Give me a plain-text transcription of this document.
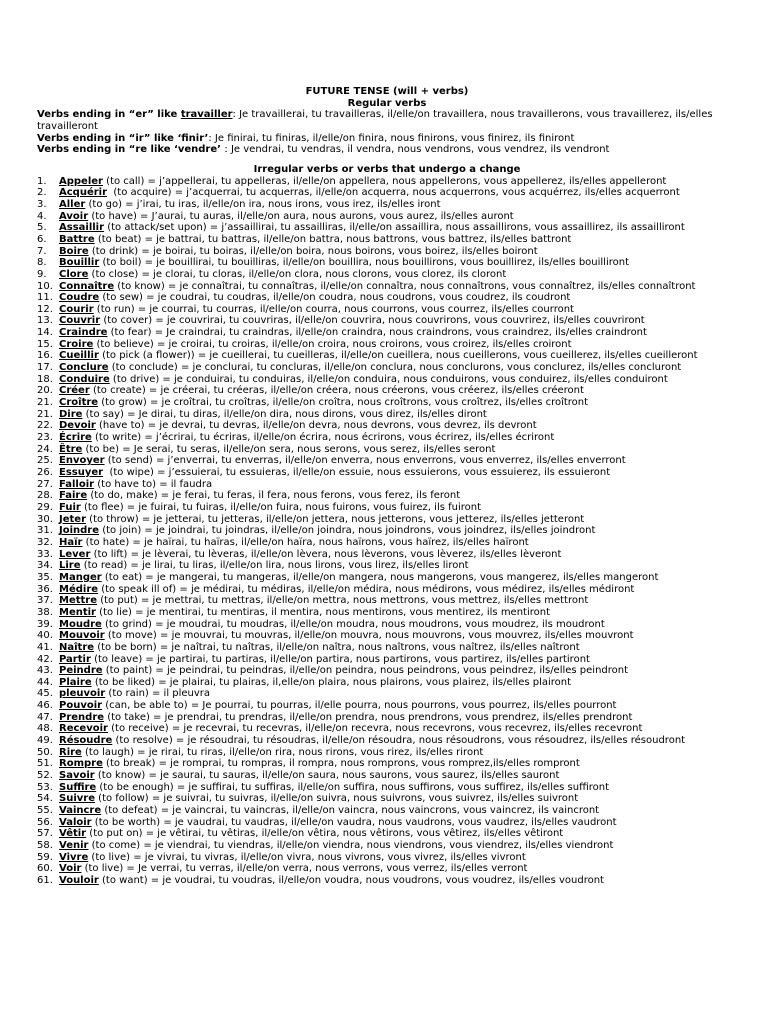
FUTURE TENSE (will + verbs)
Regular verbs
Verbs ending in “er” like travailler: Je travaillerai, tu travailleras, il/elle/on travaillera, nous travaillerons, vous travaillerez, ils/elles travailleront
Verbs ending in “ir” like ‘finir’: Je finirai, tu finiras, il/elle/on finira, nous finirons, vous finirez, ils finiront
Verbs ending in “re like ‘vendre’ : Je vendrai, tu vendras, il vendra, nous vendrons, vous vendrez, ils vendront
Irregular verbs or verbs that undergo a change
1.	Appeler (to call) = j’appellerai, tu appelleras, il/elle/on appellera, nous appellerons, vous appellerez, ils/elles appelleront
2.	Acquérir  (to acquire) = j’acquerrai, tu acquerras, il/elle/on acquerra, nous acquerrons, vous acquérrez, ils/elles acquerront
3.	Aller (to go) = j’irai, tu iras, il/elle/on ira, nous irons, vous irez, ils/elles iront
4.	Avoir (to have) = J’aurai, tu auras, il/elle/on aura, nous aurons, vous aurez, ils/elles auront
5.	Assaillir (to attack/set upon) = j’assaillirai, tu assailliras, il/elle/on assaillira, nous assaillirons, vous assaillirez, ils assailliront
6.	Battre (to beat) = je battrai, tu battras, il/elle/on battra, nous battrons, vous battrez, ils/elles battront
7.	Boire (to drink) = je boirai, tu boiras, il/elle/on boira, nous boirons, vous boirez, ils/elles boiront
8.	Bouillir (to boil) = je bouillirai, tu bouilliras, il/elle/on bouillira, nous bouillirons, vous bouillirez, ils/elles bouilliront
9.	Clore (to close) = je clorai, tu cloras, il/elle/on clora, nous clorons, vous clorez, ils cloront
10. Connaître (to know) = je connaîtrai, tu connaîtras, il/elle/on connaîtra, nous connaîtrons, vous connaîtrez, ils/elles connaîtront
11. Coudre (to sew) = je coudrai, tu coudras, il/elle/on coudra, nous coudrons, vous coudrez, ils coudront
12. Courir (to run) = je courrai, tu courras, il/elle/on courra, nous courrons, vous courrez, ils/elles courront
13. Couvrir (to cover) = je couvrirai, tu couvriras, il/elle/on couvrira, nous couvrirons, vous couvrirez, ils/elles couvriront
14. Craindre (to fear) = Je craindrai, tu craindras, il/elle/on craindra, nous craindrons, vous craindrez, ils/elles craindront
15. Croire (to believe) = je croirai, tu croiras, il/elle/on croira, nous croirons, vous croirez, ils/elles croiront
16. Cueillir (to pick (a flower)) = je cueillerai, tu cueilleras, il/elle/on cueillera, nous cueillerons, vous cueillerez, ils/elles cueilleront
17. Conclure (to conclude) = je conclurai, tu concluras, il/elle/on conclura, nous conclurons, vous conclurez, ils/elles concluront
18. Conduire (to drive) = je conduirai, tu conduiras, il/elle/on conduira, nous conduirons, vous conduirez, ils/elles conduiront
20. Créer (to create) = je créerai, tu créeras, il/elle/on créera, nous créerons, vous créerez, ils/elles créeront
21. Croître (to grow) = je croîtrai, tu croîtras, il/elle/on croîtra, nous croîtrons, vous croîtrez, ils/elles croîtront
21. Dire (to say) = Je dirai, tu diras, il/elle/on dira, nous dirons, vous direz, ils/elles diront
22. Devoir (have to) = je devrai, tu devras, il/elle/on devra, nous devrons, vous devrez, ils devront
23. Écrire (to write) = j’écrirai, tu écriras, il/elle/on écrira, nous écrirons, vous écrirez, ils/elles écriront
24. Être (to be) = Je serai, tu seras, il/elle/on sera, nous serons, vous serez, ils/elles seront
25. Envoyer (to send) = j’enverrai, tu enverras, il/elle/on enverra, nous enverrons, vous enverrez, ils/elles enverront
26. Essuyer  (to wipe) = j’essuierai, tu essuieras, il/elle/on essuie, nous essuierons, vous essuierez, ils essuieront
27. Falloir (to have to) = il faudra
28. Faire (to do, make) = je ferai, tu feras, il fera, nous ferons, vous ferez, ils feront
29. Fuir (to flee) = je fuirai, tu fuiras, il/elle/on fuira, nous fuirons, vous fuirez, ils fuiront
30. Jeter (to throw) = je jetterai, tu jetteras, il/elle/on jettera, nous jetterons, vous jetterez, ils/elles jetteront
31. Joindre (to join) = je joindrai, tu joindras, il/elle/on joindra, nous joindrons, vous joindrez, ils/elles joindront
32. Haïr (to hate) = je haïrai, tu haïras, il/elle/on haïra, nous haïrons, vous haïrez, ils/elles haïront
33. Lever (to lift) = je lèverai, tu lèveras, il/elle/on lèvera, nous lèverons, vous lèverez, ils/elles lèveront
34. Lire (to read) = je lirai, tu liras, il/elle/on lira, nous lirons, vous lirez, ils/elles liront
35. Manger (to eat) = je mangerai, tu mangeras, il/elle/on mangera, nous mangerons, vous mangerez, ils/elles mangeront
36. Médire (to speak ill of) = je médirai, tu médiras, il/elle/on médira, nous médirons, vous médirez, ils/elles médiront
37. Mettre (to put) = je mettrai, tu mettras, il/elle/on mettra, nous mettrons, vous mettrez, ils/elles mettront
38. Mentir (to lie) = je mentirai, tu mentiras, il mentira, nous mentirons, vous mentirez, ils mentiront
39. Moudre (to grind) = je moudrai, tu moudras, il/elle/on moudra, nous moudrons, vous moudrez, ils moudront
40. Mouvoir (to move) = je mouvrai, tu mouvras, il/elle/on mouvra, nous mouvrons, vous mouvrez, ils/elles mouvront
41. Naître (to be born) = je naîtrai, tu naîtras, il/elle/on naîtra, nous naîtrons, vous naîtrez, ils/elles naîtront
42. Partir (to leave) = je partirai, tu partiras, il/elle/on partira, nous partirons, vous partirez, ils/elles partiront
43. Peindre (to paint) = je peindrai, tu peindras, il/elle/on peindra, nous peindrons, vous peindrez, ils/elles peindront
44. Plaire (to be liked) = je plairai, tu plairas, il,elle/on plaira, nous plairons, vous plairez, ils/elles plairont
45. pleuvoir (to rain) = il pleuvra
46. Pouvoir (can, be able to) = Je pourrai, tu pourras, il/elle pourra, nous pourrons, vous pourrez, ils/elles pourront
47. Prendre (to take) = je prendrai, tu prendras, il/elle/on prendra, nous prendrons, vous prendrez, ils/elles prendront
48. Recevoir (to receive) = je recevrai, tu recevras, il/elle/on recevra, nous recevrons, vous recevrez, ils/elles recevront
49. Résoudre (to resolve) = je résoudrai, tu résoudras, il/elle/on résoudra, nous résoudrons, vous résoudrez, ils/elles résoudront
50. Rire (to laugh) = je rirai, tu riras, il/elle/on rira, nous rirons, vous rirez, ils/elles riront
51. Rompre (to break) = je romprai, tu rompras, il rompra, nous romprons, vous romprez,ils/elles rompront
52. Savoir (to know) = je saurai, tu sauras, il/elle/on saura, nous saurons, vous saurez, ils/elles sauront
53. Suffire (to be enough) = je suffirai, tu suffiras, il/elle/on suffira, nous suffirons, vous suffirez, ils/elles suffiront
54. Suivre (to follow) = je suivrai, tu suivras, il/elle/on suivra, nous suivrons, vous suivrez, ils/elles suivront
55. Vaincre (to defeat) = je vaincrai, tu vaincras, il/elle/on vaincra, nous vaincrons, vous vaincrez, ils vaincront
56. Valoir (to be worth) = je vaudrai, tu vaudras, il/elle/on vaudra, nous vaudrons, vous vaudrez, ils/elles vaudront
57. Vêtir (to put on) = je vêtirai, tu vêtiras, il/elle/on vêtira, nous vêtirons, vous vêtirez, ils/elles vêtiront
58. Venir (to come) = je viendrai, tu viendras, il/elle/on viendra, nous viendrons, vous viendrez, ils/elles viendront
59. Vivre (to live) = je vivrai, tu vivras, il/elle/on vivra, nous vivrons, vous vivrez, ils/elles vivront
60. Voir (to live) = Je verrai, tu verras, il/elle/on verra, nous verrons, vous verrez, ils/elles verront
61. Vouloir (to want) = je voudrai, tu voudras, il/elle/on voudra, nous voudrons, vous voudrez, ils/elles voudront
